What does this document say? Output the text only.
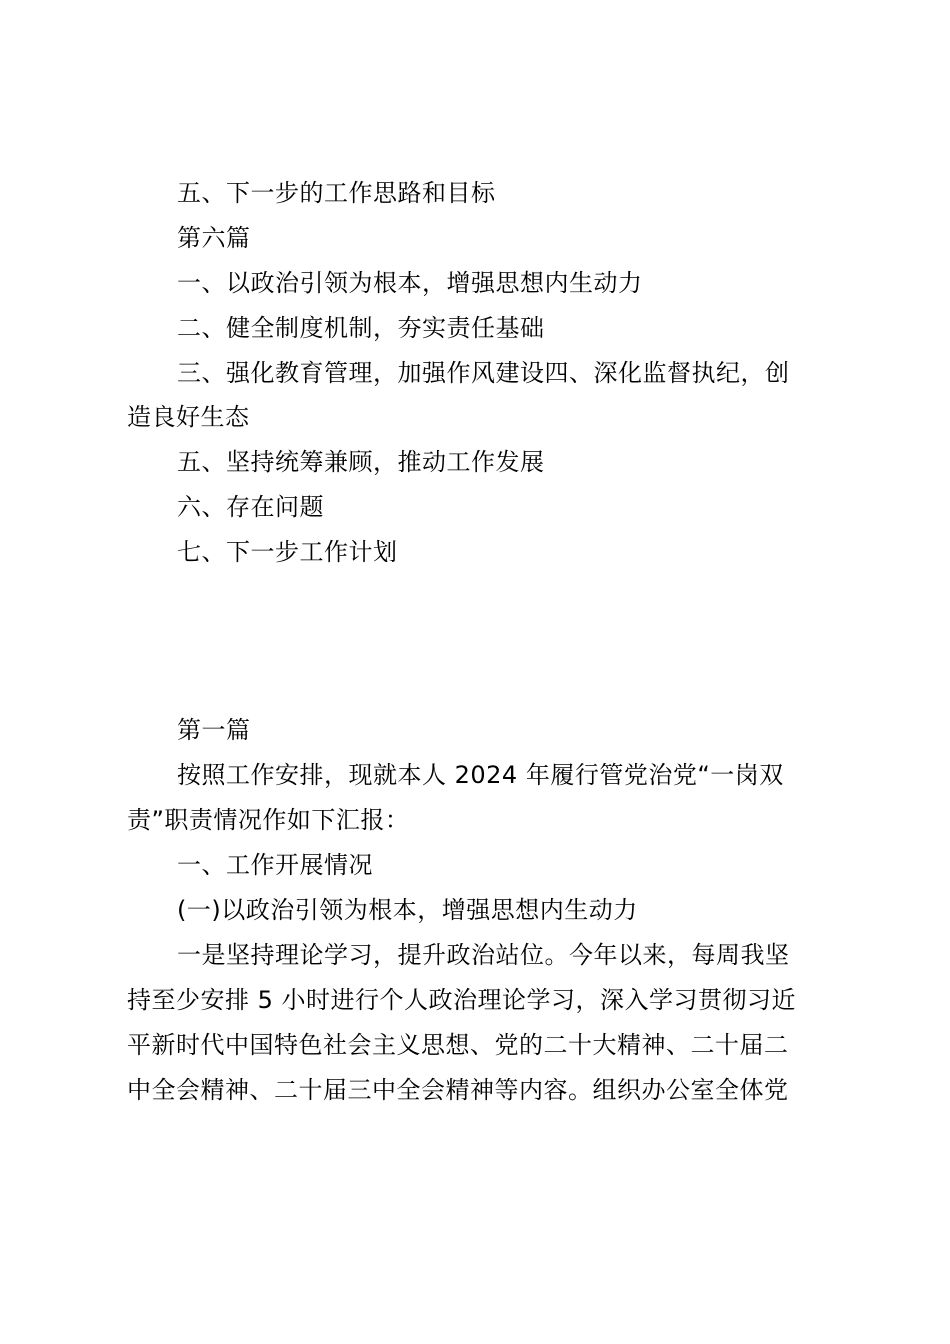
五、下一步的工作思路和目标
第六篇
一、以政治引领为根本，增强思想内生动力
二、健全制度机制，夯实责任基础
三、强化教育管理，加强作风建设四、深化监督执纪，创
造良好生态
五、坚持统筹兼顾，推动工作发展
六、存在问题
七、下一步工作计划
第一篇
按照工作安排，现就本人 2024 年履行管党治党“一岗双
责”职责情况作如下汇报：
一、工作开展情况
(一)以政治引领为根本，增强思想内生动力
一是坚持理论学习，提升政治站位。今年以来，每周我坚
持至少安排 5 小时进行个人政治理论学习，深入学习贯彻习近
平新时代中国特色社会主义思想、党的二十大精神、二十届二
中全会精神、二十届三中全会精神等内容。组织办公室全体党
